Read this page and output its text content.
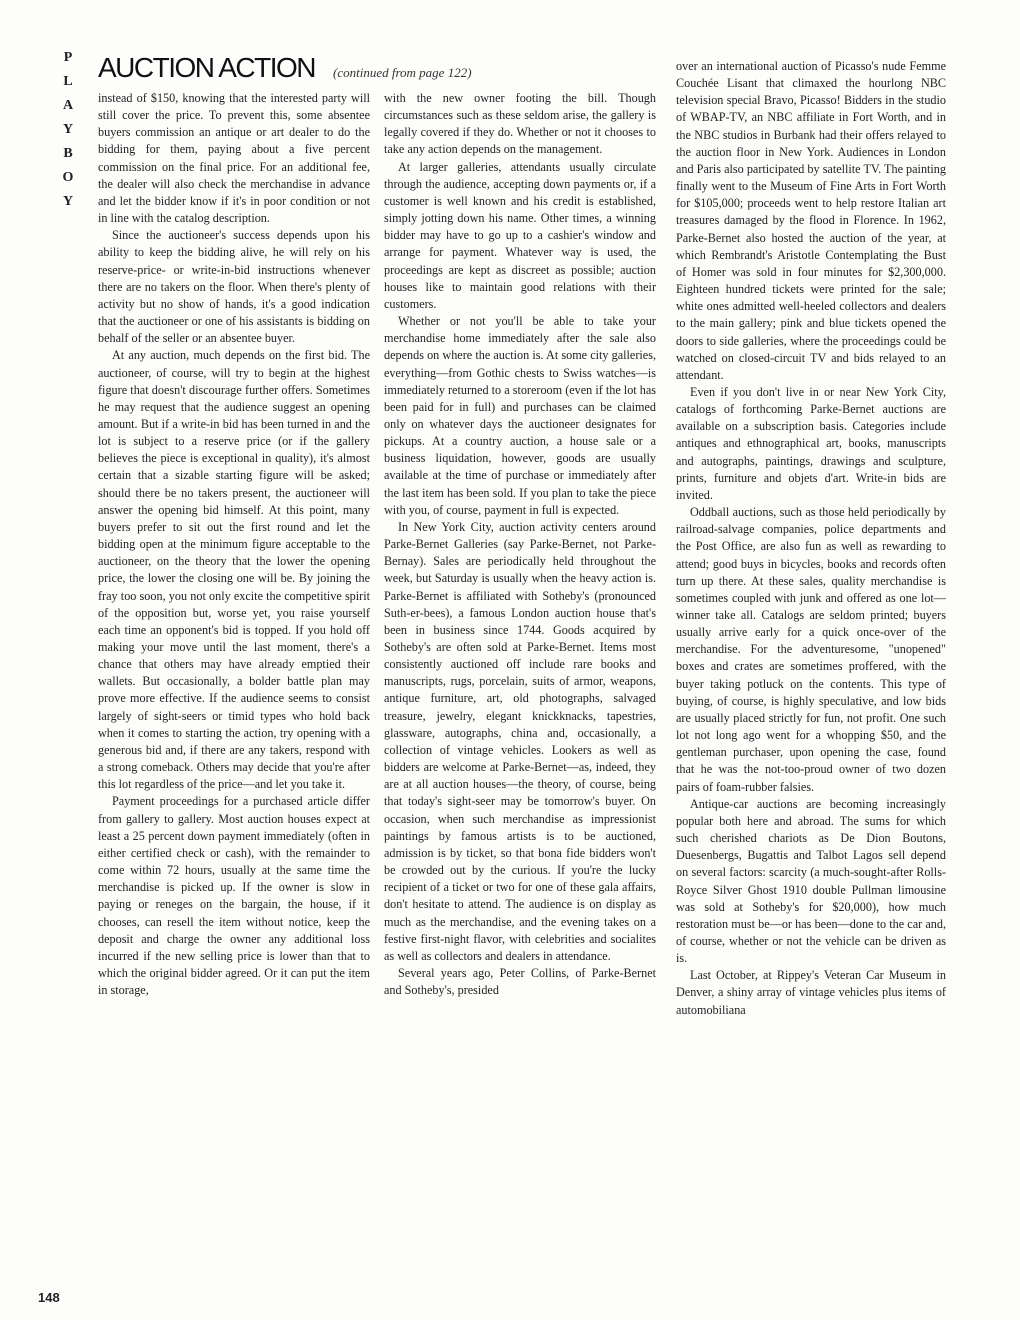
P
L
A
Y
B
O
Y
AUCTION ACTION (continued from page 122)

instead of $150, knowing that the interested party will still cover the price. To prevent this, some absentee buyers commission an antique or art dealer to do the bidding for them, paying about a five percent commission on the final price. For an additional fee, the dealer will also check the merchandise in advance and let the bidder know if it's in poor condition or not in line with the catalog description.

Since the auctioneer's success depends upon his ability to keep the bidding alive, he will rely on his reserve-price- or write-in-bid instructions whenever there are no takers on the floor. When there's plenty of activity but no show of hands, it's a good indication that the auctioneer or one of his assistants is bidding on behalf of the seller or an absentee buyer.

At any auction, much depends on the first bid. The auctioneer, of course, will try to begin at the highest figure that doesn't discourage further offers. Sometimes he may request that the audience suggest an opening amount. But if a write-in bid has been turned in and the lot is subject to a reserve price (or if the gallery believes the piece is exceptional in quality), it's almost certain that a sizable starting figure will be asked; should there be no takers present, the auctioneer will answer the opening bid himself. At this point, many buyers prefer to sit out the first round and let the bidding open at the minimum figure acceptable to the auctioneer, on the theory that the lower the opening price, the lower the closing one will be. By joining the fray too soon, you not only excite the competitive spirit of the opposition but, worse yet, you raise yourself each time an opponent's bid is topped. If you hold off making your move until the last moment, there's a chance that others may have already emptied their wallets. But occasionally, a bolder battle plan may prove more effective. If the audience seems to consist largely of sight-seers or timid types who hold back when it comes to starting the action, try opening with a generous bid and, if there are any takers, respond with a strong comeback. Others may decide that you're after this lot regardless of the price—and let you take it.

Payment proceedings for a purchased article differ from gallery to gallery. Most auction houses expect at least a 25 percent down payment immediately (often in either certified check or cash), with the remainder to come within 72 hours, usually at the same time the merchandise is picked up. If the owner is slow in paying or reneges on the bargain, the house, if it chooses, can resell the item without notice, keep the deposit and charge the owner any additional loss incurred if the new selling price is lower than that to which the original bidder agreed. Or it can put the item in storage,

with the new owner footing the bill. Though circumstances such as these seldom arise, the gallery is legally covered if they do. Whether or not it chooses to take any action depends on the management.

At larger galleries, attendants usually circulate through the audience, accepting down payments or, if a customer is well known and his credit is established, simply jotting down his name. Other times, a winning bidder may have to go up to a cashier's window and arrange for payment. Whatever way is used, the proceedings are kept as discreet as possible; auction houses like to maintain good relations with their customers.

Whether or not you'll be able to take your merchandise home immediately after the sale also depends on where the auction is. At some city galleries, everything—from Gothic chests to Swiss watches—is immediately returned to a storeroom (even if the lot has been paid for in full) and purchases can be claimed only on whatever days the auctioneer designates for pickups. At a country auction, a house sale or a business liquidation, however, goods are usually available at the time of purchase or immediately after the last item has been sold. If you plan to take the piece with you, of course, payment in full is expected.

In New York City, auction activity centers around Parke-Bernet Galleries (say Parke-Bernet, not Parke-Bernay). Sales are periodically held throughout the week, but Saturday is usually when the heavy action is. Parke-Bernet is affiliated with Sotheby's (pronounced Suth-er-bees), a famous London auction house that's been in business since 1744. Goods acquired by Sotheby's are often sold at Parke-Bernet. Items most consistently auctioned off include rare books and manuscripts, rugs, porcelain, suits of armor, weapons, antique furniture, art, old photographs, salvaged treasure, jewelry, elegant knickknacks, tapestries, glassware, autographs, china and, occasionally, a collection of vintage vehicles. Lookers as well as bidders are welcome at Parke-Bernet—as, indeed, they are at all auction houses—the theory, of course, being that today's sight-seer may be tomorrow's buyer. On occasion, when such merchandise as impressionist paintings by famous artists is to be auctioned, admission is by ticket, so that bona fide bidders won't be crowded out by the curious. If you're the lucky recipient of a ticket or two for one of these gala affairs, don't hesitate to attend. The audience is on display as much as the merchandise, and the evening takes on a festive first-night flavor, with celebrities and socialites as well as collectors and dealers in attendance.

Several years ago, Peter Collins, of Parke-Bernet and Sotheby's, presided

over an international auction of Picasso's nude Femme Couchée Lisant that climaxed the hourlong NBC television special Bravo, Picasso! Bidders in the studio of WBAP-TV, an NBC affiliate in Fort Worth, and in the NBC studios in Burbank had their offers relayed to the auction floor in New York. Audiences in London and Paris also participated by satellite TV. The painting finally went to the Museum of Fine Arts in Fort Worth for $105,000; proceeds went to help restore Italian art treasures damaged by the flood in Florence. In 1962, Parke-Bernet also hosted the auction of the year, at which Rembrandt's Aristotle Contemplating the Bust of Homer was sold in four minutes for $2,300,000. Eighteen hundred tickets were printed for the sale; white ones admitted well-heeled collectors and dealers to the main gallery; pink and blue tickets opened the doors to side galleries, where the proceedings could be watched on closed-circuit TV and bids relayed to an attendant.

Even if you don't live in or near New York City, catalogs of forthcoming Parke-Bernet auctions are available on a subscription basis. Categories include antiques and ethnographical art, books, manuscripts and autographs, paintings, drawings and sculpture, prints, furniture and objets d'art. Write-in bids are invited.

Oddball auctions, such as those held periodically by railroad-salvage companies, police departments and the Post Office, are also fun as well as rewarding to attend; good buys in bicycles, books and records often turn up there. At these sales, quality merchandise is sometimes coupled with junk and offered as one lot—winner take all. Catalogs are seldom printed; buyers usually arrive early for a quick once-over of the merchandise. For the adventuresome, "unopened" boxes and crates are sometimes proffered, with the buyer taking potluck on the contents. This type of buying, of course, is highly speculative, and low bids are usually placed strictly for fun, not profit. One such lot not long ago went for a whopping $50, and the gentleman purchaser, upon opening the case, found that he was the not-too-proud owner of two dozen pairs of foam-rubber falsies.

Antique-car auctions are becoming increasingly popular both here and abroad. The sums for which such cherished chariots as De Dion Boutons, Duesenbergs, Bugattis and Talbot Lagos sell depend on several factors: scarcity (a much-sought-after Rolls-Royce Silver Ghost 1910 double Pullman limousine was sold at Sotheby's for $20,000), how much restoration must be—or has been—done to the car and, of course, whether or not the vehicle can be driven as is.

Last October, at Rippey's Veteran Car Museum in Denver, a shiny array of vintage vehicles plus items of automobiliana

148
